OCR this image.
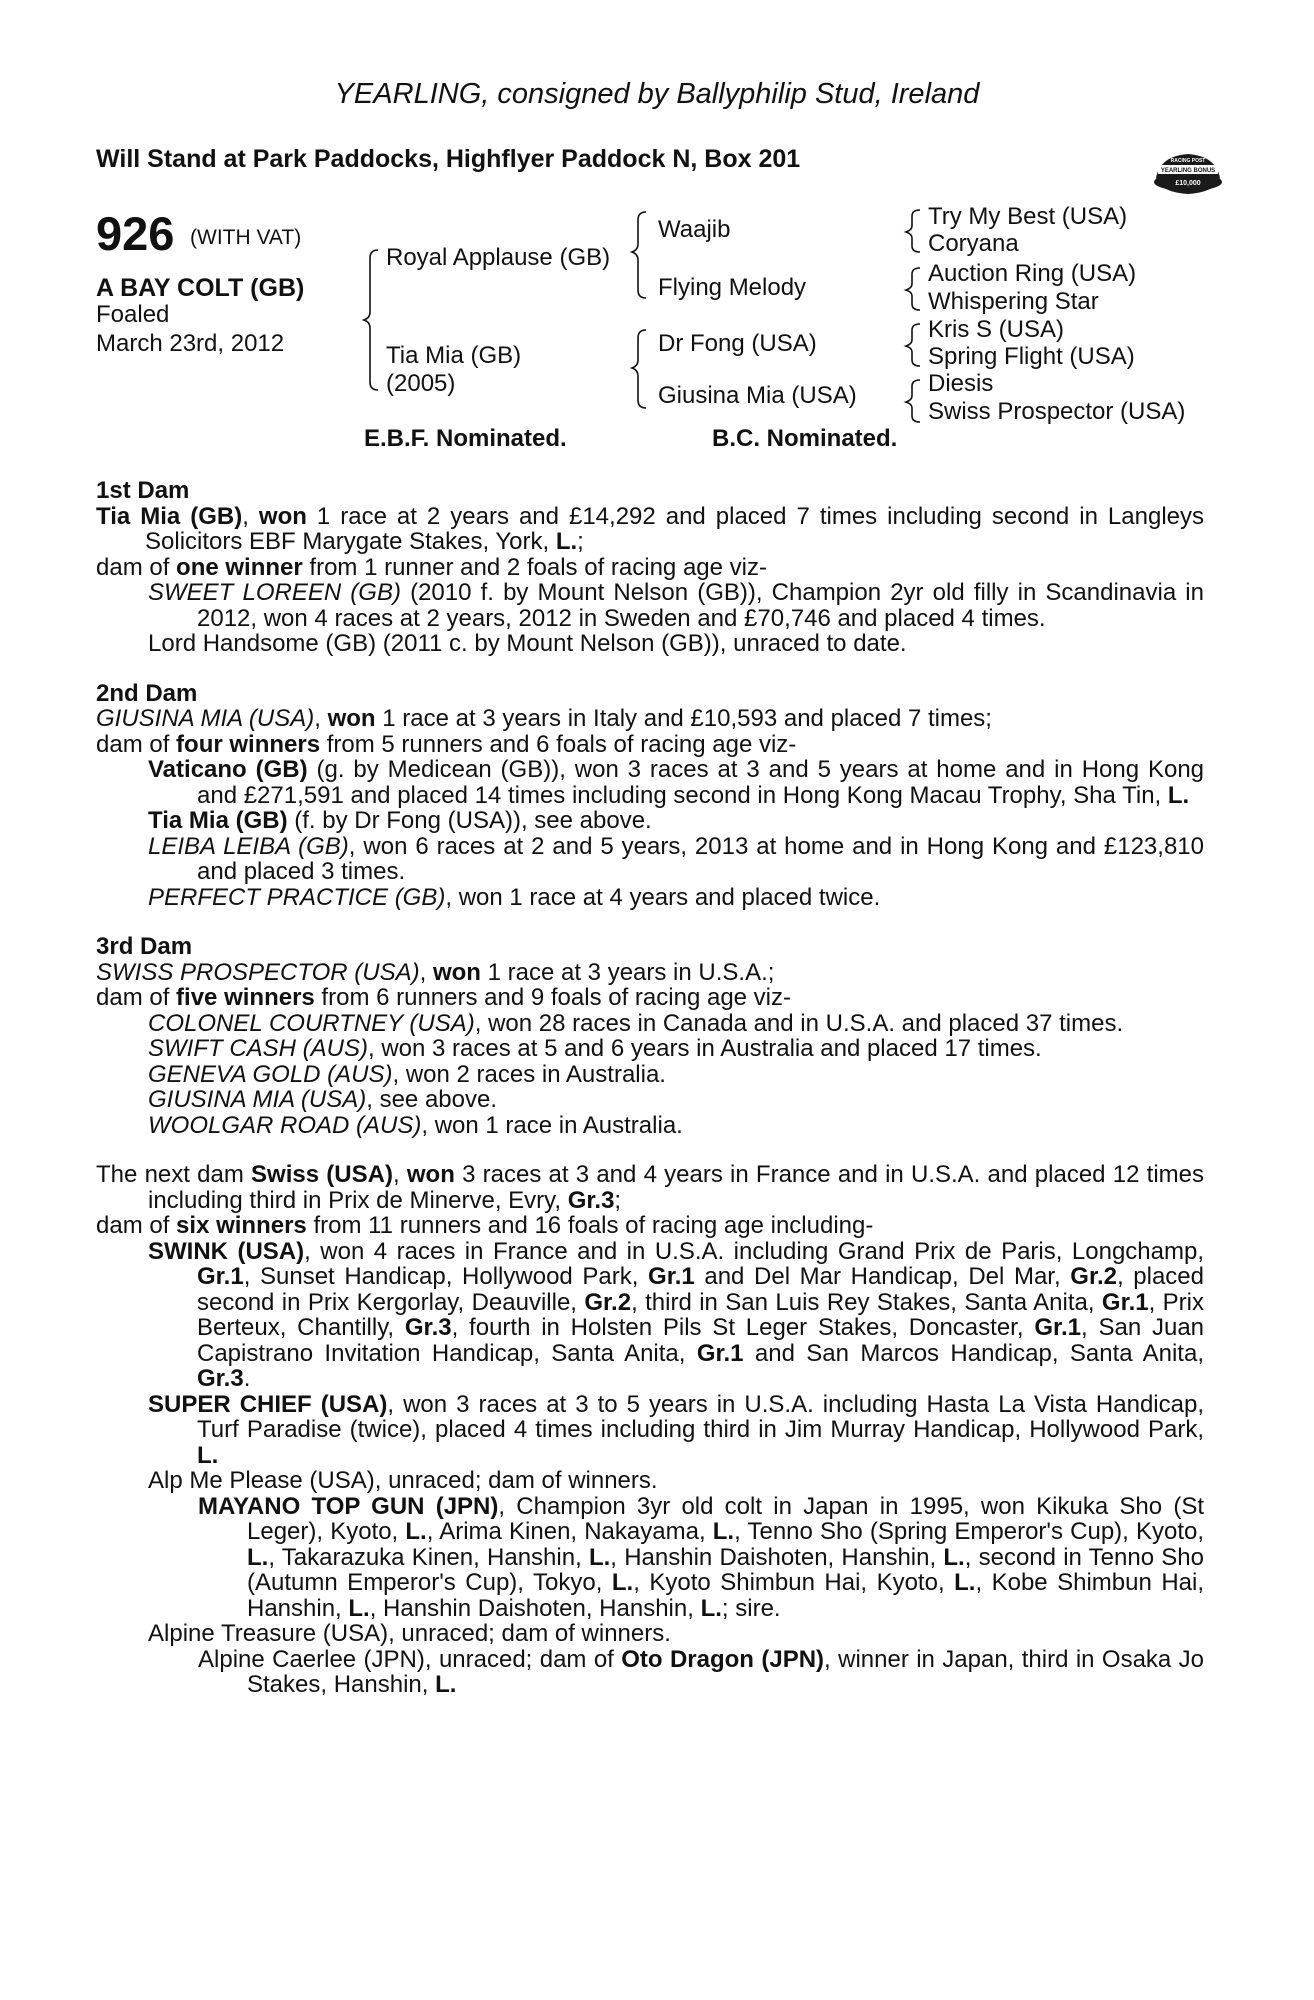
YEARLING, consigned by Ballyphilip Stud, Ireland
Will Stand at Park Paddocks, Highflyer Paddock N, Box 201	RACING POST
YEARLING BONUS
£10,000
926 (WITH VAT)
A BAY COLT (GB)
Foaled
March 23rd, 2012
Royal Applause (GB)
Tia Mia (GB)
(2005)
Waajib
Flying Melody
Dr Fong (USA)
Giusina Mia (USA)
Try My Best (USA)
Coryana
Auction Ring (USA)
Whispering Star
Kris S (USA)
Spring Flight (USA)
Diesis
Swiss Prospector (USA)
E.B.F. Nominated.	B.C. Nominated.
1st Dam

Tia Mia (GB), won 1 race at 2 years and £14,292 and placed 7 times including second in Langleys Solicitors EBF Marygate Stakes, York, L.;

dam of one winner from 1 runner and 2 foals of racing age viz-

SWEET LOREEN (GB) (2010 f. by Mount Nelson (GB)), Champion 2yr old filly in Scandinavia in 2012, won 4 races at 2 years, 2012 in Sweden and £70,746 and placed 4 times.

Lord Handsome (GB) (2011 c. by Mount Nelson (GB)), unraced to date.

2nd Dam

GIUSINA MIA (USA), won 1 race at 3 years in Italy and £10,593 and placed 7 times;

dam of four winners from 5 runners and 6 foals of racing age viz-

Vaticano (GB) (g. by Medicean (GB)), won 3 races at 3 and 5 years at home and in Hong Kong and £271,591 and placed 14 times including second in Hong Kong Macau Trophy, Sha Tin, L.

Tia Mia (GB) (f. by Dr Fong (USA)), see above.

LEIBA LEIBA (GB), won 6 races at 2 and 5 years, 2013 at home and in Hong Kong and £123,810 and placed 3 times.

PERFECT PRACTICE (GB), won 1 race at 4 years and placed twice.

3rd Dam

SWISS PROSPECTOR (USA), won 1 race at 3 years in U.S.A.;

dam of five winners from 6 runners and 9 foals of racing age viz-

COLONEL COURTNEY (USA), won 28 races in Canada and in U.S.A. and placed 37 times.

SWIFT CASH (AUS), won 3 races at 5 and 6 years in Australia and placed 17 times.

GENEVA GOLD (AUS), won 2 races in Australia.

GIUSINA MIA (USA), see above.

WOOLGAR ROAD (AUS), won 1 race in Australia.

The next dam Swiss (USA), won 3 races at 3 and 4 years in France and in U.S.A. and placed 12 times including third in Prix de Minerve, Evry, Gr.3;

dam of six winners from 11 runners and 16 foals of racing age including-

SWINK (USA), won 4 races in France and in U.S.A. including Grand Prix de Paris, Longchamp, Gr.1, Sunset Handicap, Hollywood Park, Gr.1 and Del Mar Handicap, Del Mar, Gr.2, placed second in Prix Kergorlay, Deauville, Gr.2, third in San Luis Rey Stakes, Santa Anita, Gr.1, Prix Berteux, Chantilly, Gr.3, fourth in Holsten Pils St Leger Stakes, Doncaster, Gr.1, San Juan Capistrano Invitation Handicap, Santa Anita, Gr.1 and San Marcos Handicap, Santa Anita, Gr.3.

SUPER CHIEF (USA), won 3 races at 3 to 5 years in U.S.A. including Hasta La Vista Handicap, Turf Paradise (twice), placed 4 times including third in Jim Murray Handicap, Hollywood Park, L.

Alp Me Please (USA), unraced; dam of winners.

MAYANO TOP GUN (JPN), Champion 3yr old colt in Japan in 1995, won Kikuka Sho (St Leger), Kyoto, L., Arima Kinen, Nakayama, L., Tenno Sho (Spring Emperor's Cup), Kyoto, L., Takarazuka Kinen, Hanshin, L., Hanshin Daishoten, Hanshin, L., second in Tenno Sho (Autumn Emperor's Cup), Tokyo, L., Kyoto Shimbun Hai, Kyoto, L., Kobe Shimbun Hai, Hanshin, L., Hanshin Daishoten, Hanshin, L.; sire.

Alpine Treasure (USA), unraced; dam of winners.

Alpine Caerlee (JPN), unraced; dam of Oto Dragon (JPN), winner in Japan, third in Osaka Jo Stakes, Hanshin, L.
